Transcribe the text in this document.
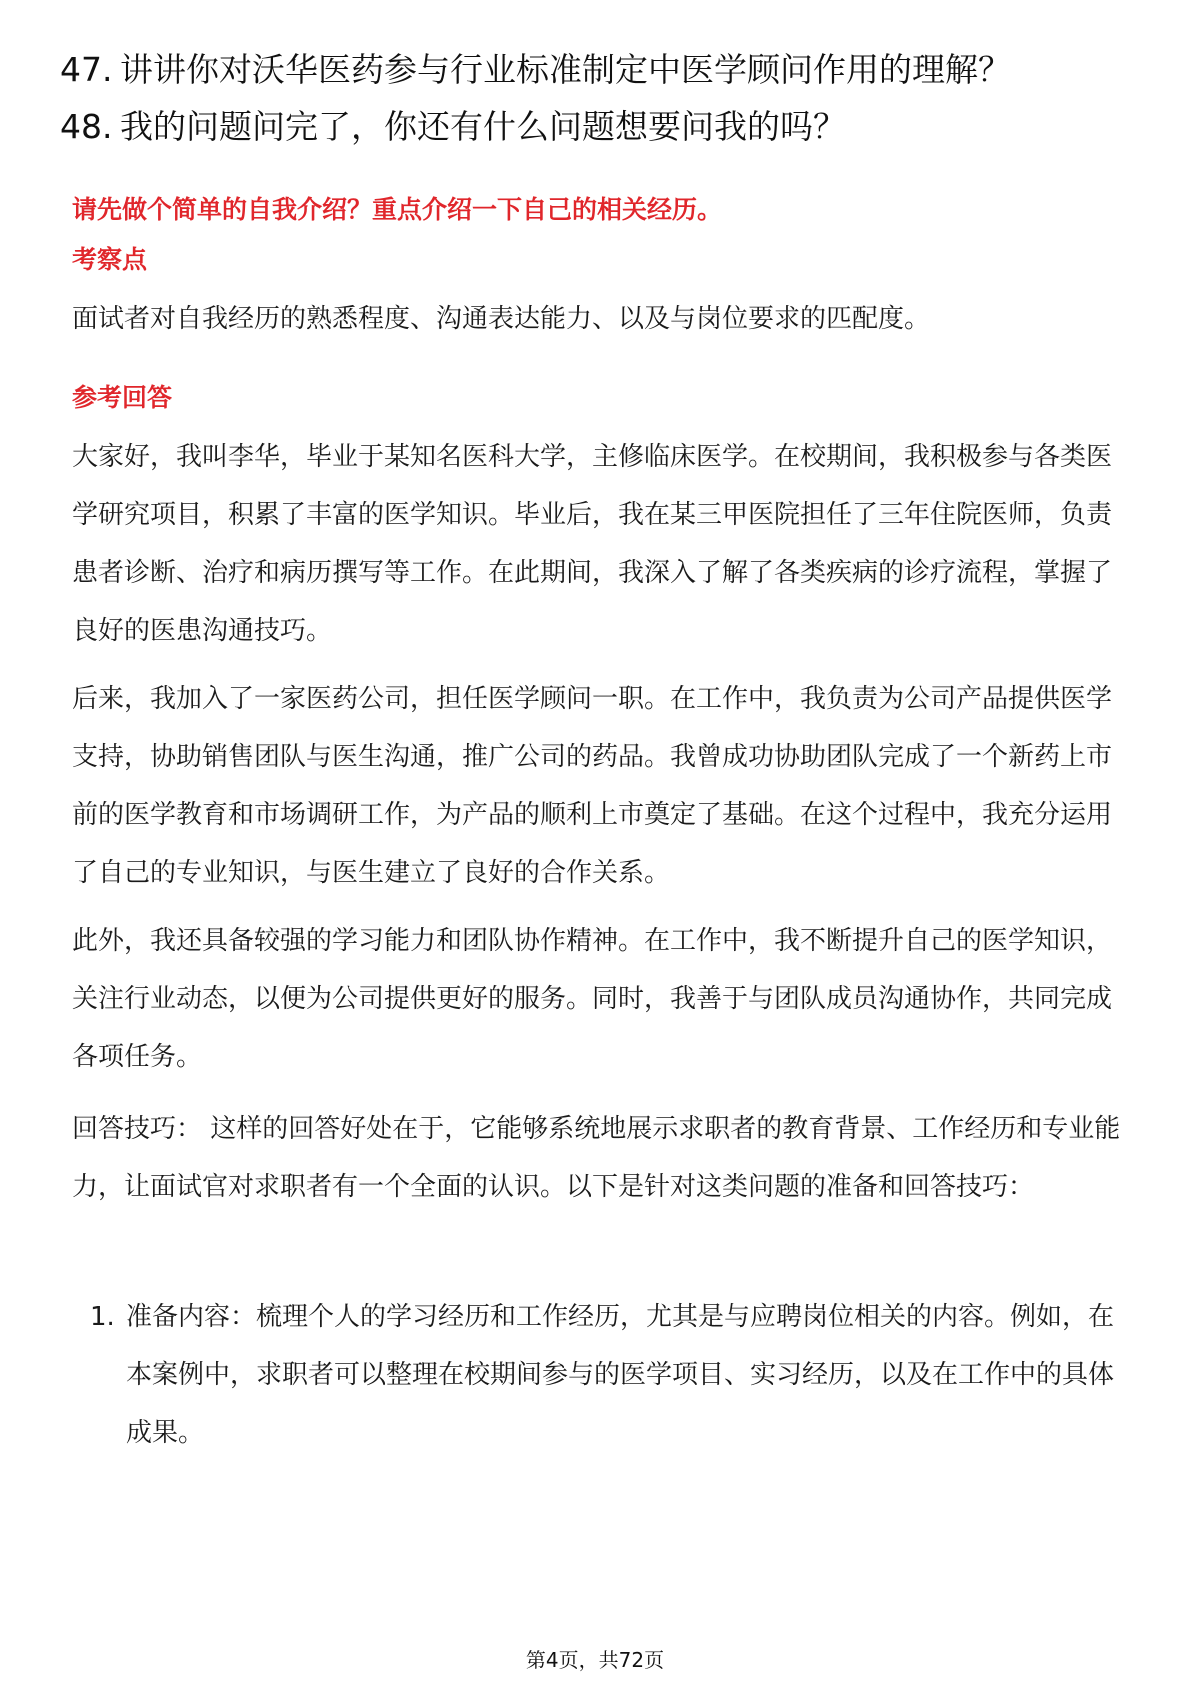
47. 讲讲你对沃华医药参与行业标准制定中医学顾问作用的理解？
48. 我的问题问完了，你还有什么问题想要问我的吗？
请先做个简单的自我介绍？重点介绍一下自己的相关经历。
考察点
面试者对自我经历的熟悉程度、沟通表达能力、以及与岗位要求的匹配度。
参考回答
大家好，我叫李华，毕业于某知名医科大学，主修临床医学。在校期间，我积极参与各类医学研究项目，积累了丰富的医学知识。毕业后，我在某三甲医院担任了三年住院医师，负责患者诊断、治疗和病历撰写等工作。在此期间，我深入了解了各类疾病的诊疗流程，掌握了良好的医患沟通技巧。
后来，我加入了一家医药公司，担任医学顾问一职。在工作中，我负责为公司产品提供医学支持，协助销售团队与医生沟通，推广公司的药品。我曾成功协助团队完成了一个新药上市前的医学教育和市场调研工作，为产品的顺利上市奠定了基础。在这个过程中，我充分运用了自己的专业知识，与医生建立了良好的合作关系。
此外，我还具备较强的学习能力和团队协作精神。在工作中，我不断提升自己的医学知识，关注行业动态，以便为公司提供更好的服务。同时，我善于与团队成员沟通协作，共同完成各项任务。
回答技巧： 这样的回答好处在于，它能够系统地展示求职者的教育背景、工作经历和专业能力，让面试官对求职者有一个全面的认识。以下是针对这类问题的准备和回答技巧：
1. 准备内容：梳理个人的学习经历和工作经历，尤其是与应聘岗位相关的内容。例如，在本案例中，求职者可以整理在校期间参与的医学项目、实习经历，以及在工作中的具体成果。
第4页，共72页
